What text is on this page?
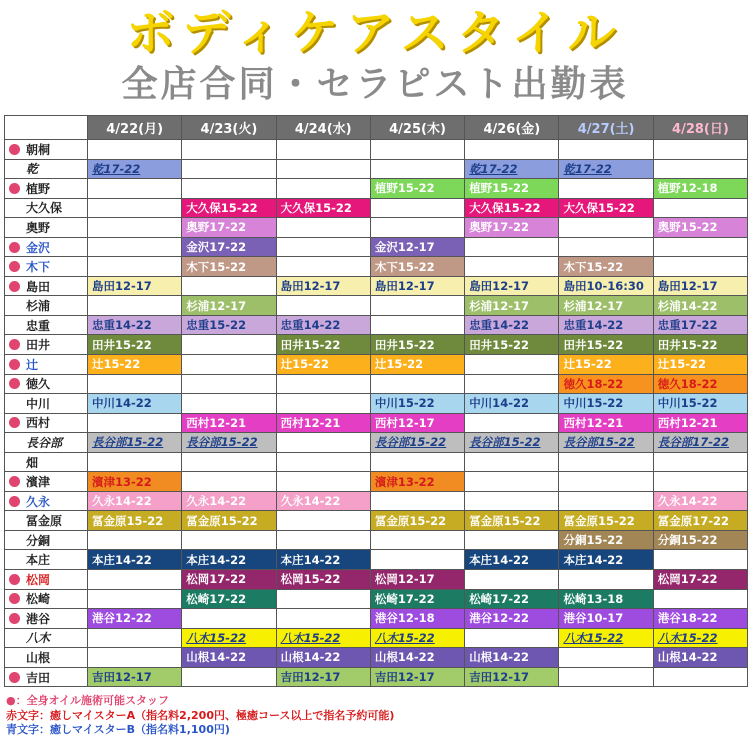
ボディケアスタイル
全店合同・セラピスト出勤表
	4/22(月)	4/23(火)	4/24(水)	4/25(木)	4/26(金)	4/27(土)	4/28(日)
朝桐							
乾	乾17-22				乾17-22	乾17-22	
植野				植野15-22	植野15-22		植野12-18
大久保		大久保15-22	大久保15-22		大久保15-22	大久保15-22	
奥野		奥野17-22			奥野17-22		奥野15-22
金沢		金沢17-22		金沢12-17			
木下		木下15-22		木下15-22		木下15-22	
島田	島田12-17		島田12-17	島田12-17	島田12-17	島田10-16:30	島田12-17
杉浦		杉浦12-17			杉浦12-17	杉浦12-17	杉浦14-22
忠重	忠重14-22	忠重15-22	忠重14-22		忠重14-22	忠重14-22	忠重17-22
田井	田井15-22		田井15-22	田井15-22	田井15-22	田井15-22	田井15-22
辻	辻15-22		辻15-22	辻15-22		辻15-22	辻15-22
徳久						徳久18-22	徳久18-22
中川	中川14-22			中川15-22	中川14-22	中川15-22	中川15-22
西村		西村12-21	西村12-21	西村12-17		西村12-21	西村12-21
長谷部	長谷部15-22	長谷部15-22		長谷部15-22	長谷部15-22	長谷部15-22	長谷部17-22
畑							
濱津	濱津13-22			濱津13-22			
久永	久永14-22	久永14-22	久永14-22				久永14-22
冨金原	冨金原15-22	冨金原15-22		冨金原15-22	冨金原15-22	冨金原15-22	冨金原17-22
分銅						分銅15-22	分銅15-22
本庄	本庄14-22	本庄14-22	本庄14-22		本庄14-22	本庄14-22	
松岡		松岡17-22	松岡15-22	松岡12-17			松岡17-22
松崎		松崎17-22		松崎17-22	松崎17-22	松崎13-18	
港谷	港谷12-22			港谷12-18	港谷12-22	港谷10-17	港谷18-22
八木		八木15-22	八木15-22	八木15-22		八木15-22	八木15-22
山根		山根14-22	山根14-22	山根14-22	山根14-22		山根14-22
吉田	吉田12-17		吉田12-17	吉田12-17	吉田12-17		
●：全身オイル施術可能スタッフ
赤文字：癒しマイスターA（指名料2,200円、極癒コース以上で指名予約可能)
青文字：癒しマイスターB（指名料1,100円)
